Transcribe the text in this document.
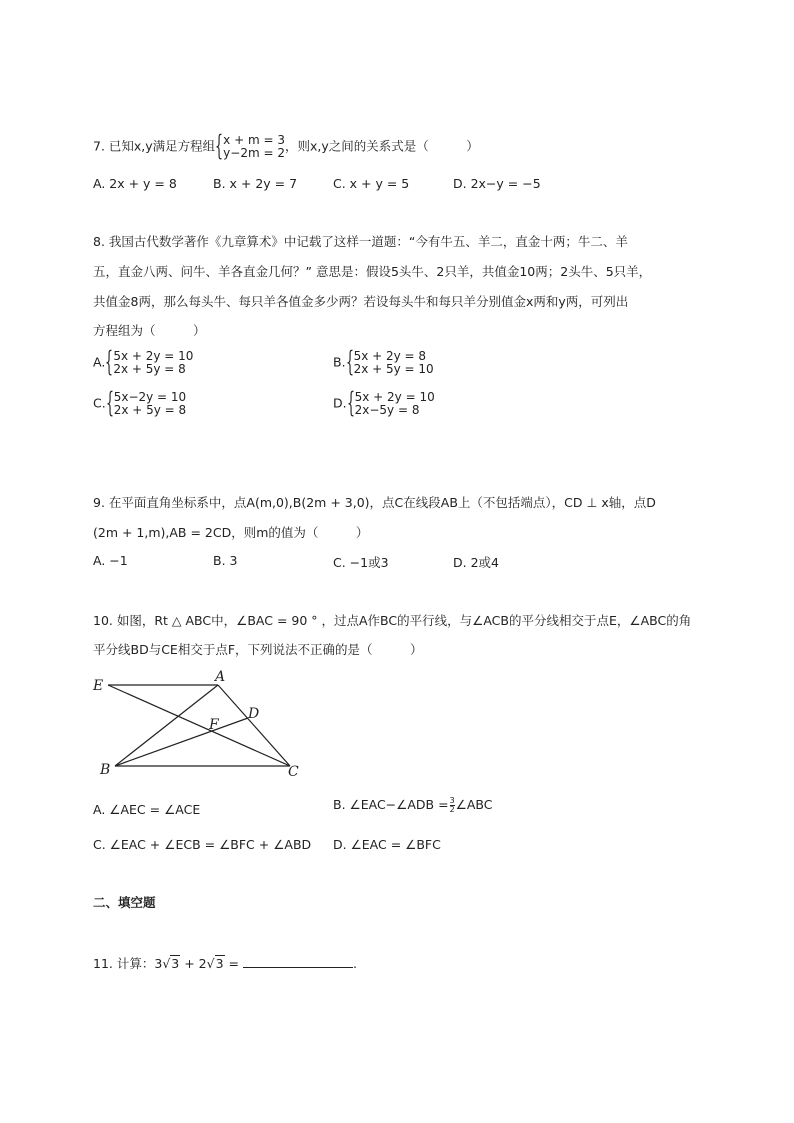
7. 已知x,y满足方程组 { x + m = 3
y−2m = 2 ，则x,y之间的关系式是（　　　）
A. 2x + y = 8	B. x + 2y = 7	C. x + y = 5	D. 2x−y = −5
8. 我国古代数学著作《九章算术》中记载了这样一道题：“今有牛五、羊二，直金十两；牛二、羊
五，直金八两、问牛、羊各直金几何？” 意思是：假设5头牛、2只羊，共值金10两；2头牛、5只羊，
共值金8两，那么每头牛、每只羊各值金多少两？若设每头牛和每只羊分别值金x两和y两，可列出
方程组为（　　　）
A. { 5x + 2y = 10
2x + 5y = 8	B. { 5x + 2y = 8
2x + 5y = 10
C. { 5x−2y = 10
2x + 5y = 8	D. { 5x + 2y = 10
2x−5y = 8
9. 在平面直角坐标系中，点A(m,0),B(2m + 3,0)，点C在线段AB上（不包括端点），CD ⊥ x轴，点D
(2m + 1,m),AB = 2CD，则m的值为（　　　）
A. −1	B. 3	C. −1或3	D. 2或4
10. 如图，Rt △ ABC中，∠BAC = 90 ° ，过点A作BC的平行线，与∠ACB的平分线相交于点E，∠ABC的角
平分线BD与CE相交于点F，下列说法不正确的是（　　　）
E
A
F
D
B	C
A. ∠AEC = ∠ACE	B. ∠EAC−∠ADB = $\frac{3}{2}$ ∠ABC
C. ∠EAC + ∠ECB = ∠BFC + ∠ABD D. ∠EAC = ∠BFC
二、填空题
11. 计算：3√3 + 2√3 =	.
